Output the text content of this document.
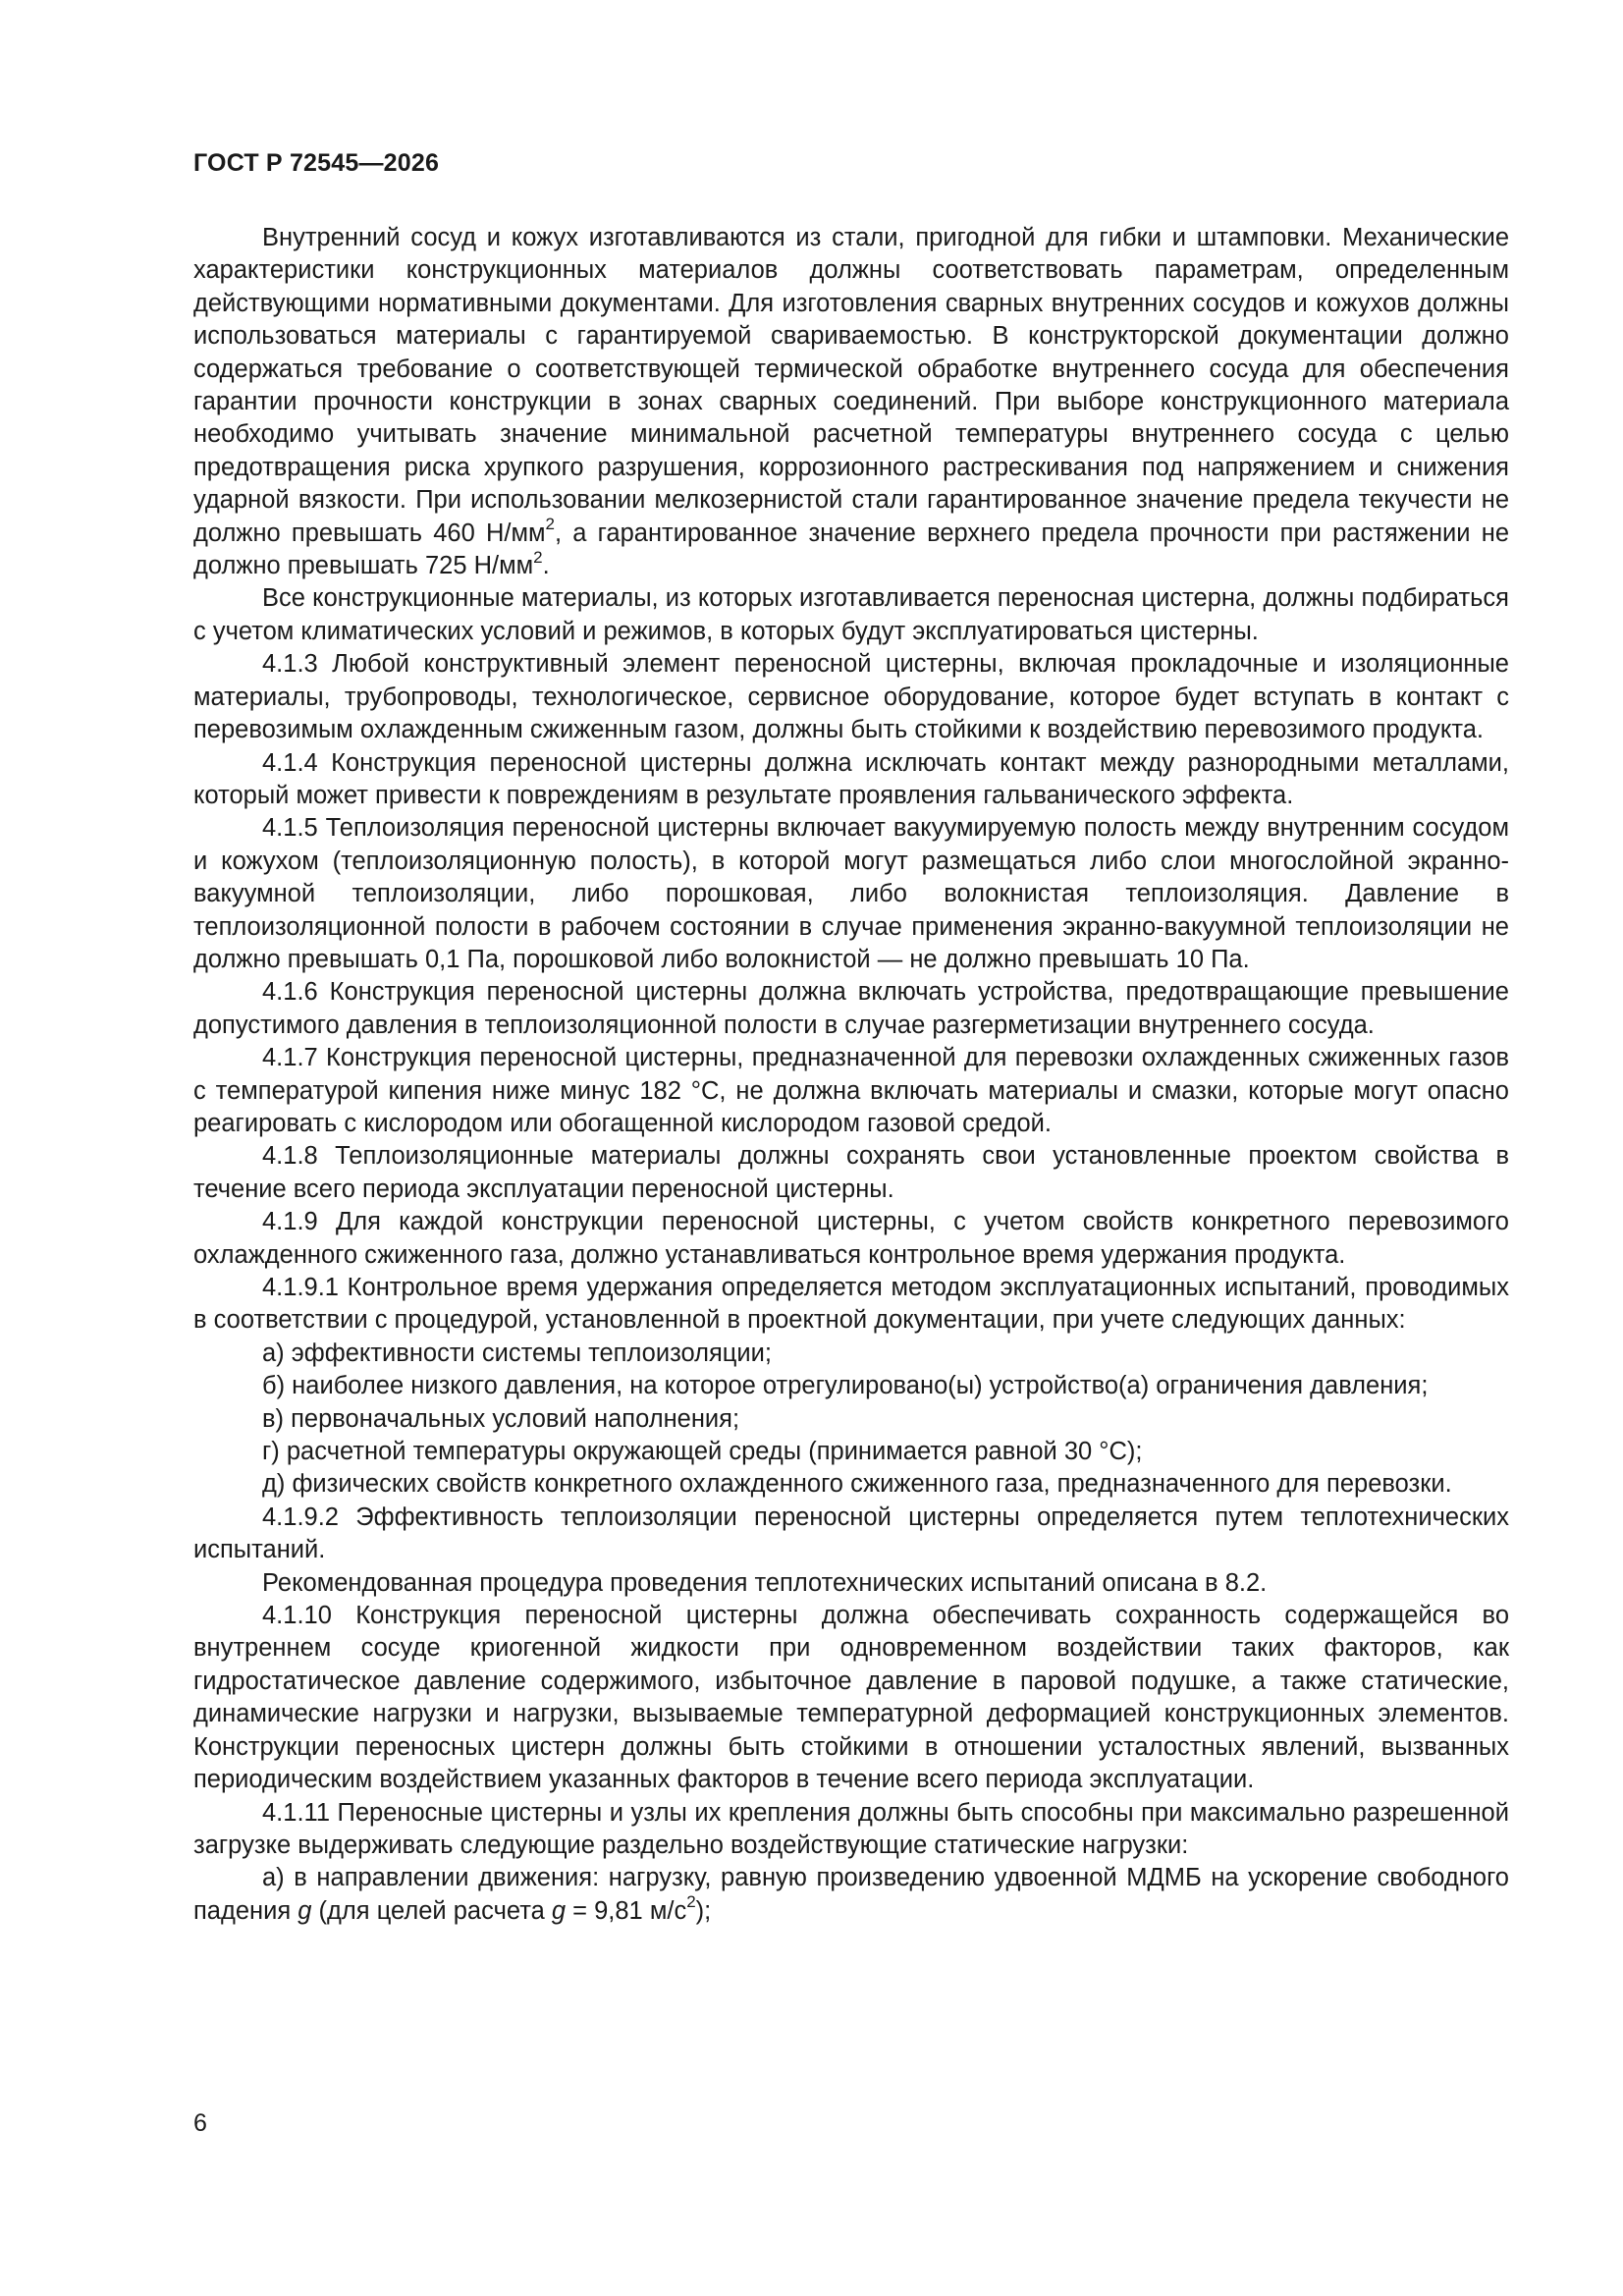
ГОСТ Р 72545—2026

Внутренний сосуд и кожух изготавливаются из стали, пригодной для гибки и штамповки. Механические характеристики конструкционных материалов должны соответствовать параметрам, определенным действующими нормативными документами. Для изготовления сварных внутренних сосудов и кожухов должны использоваться материалы с гарантируемой свариваемостью. В конструкторской документации должно содержаться требование о соответствующей термической обработке внутреннего сосуда для обеспечения гарантии прочности конструкции в зонах сварных соединений. При выборе конструкционного материала необходимо учитывать значение минимальной расчетной температуры внутреннего сосуда с целью предотвращения риска хрупкого разрушения, коррозионного растрескивания под напряжением и снижения ударной вязкости. При использовании мелкозернистой стали гарантированное значение предела текучести не должно превышать 460 $Н/мм^2$, а гарантированное значение верхнего предела прочности при растяжении не должно превышать 725 $Н/мм^2$.

Все конструкционные материалы, из которых изготавливается переносная цистерна, должны подбираться с учетом климатических условий и режимов, в которых будут эксплуатироваться цистерны.

4.1.3 Любой конструктивный элемент переносной цистерны, включая прокладочные и изоляционные материалы, трубопроводы, технологическое, сервисное оборудование, которое будет вступать в контакт с перевозимым охлажденным сжиженным газом, должны быть стойкими к воздействию перевозимого продукта.

4.1.4 Конструкция переносной цистерны должна исключать контакт между разнородными металлами, который может привести к повреждениям в результате проявления гальванического эффекта.

4.1.5 Теплоизоляция переносной цистерны включает вакуумируемую полость между внутренним сосудом и кожухом (теплоизоляционную полость), в которой могут размещаться либо слои многослойной экранно-вакуумной теплоизоляции, либо порошковая, либо волокнистая теплоизоляция. Давление в теплоизоляционной полости в рабочем состоянии в случае применения экранно-вакуумной теплоизоляции не должно превышать 0,1 Па, порошковой либо волокнистой — не должно превышать 10 Па.

4.1.6 Конструкция переносной цистерны должна включать устройства, предотвращающие превышение допустимого давления в теплоизоляционной полости в случае разгерметизации внутреннего сосуда.

4.1.7 Конструкция переносной цистерны, предназначенной для перевозки охлажденных сжиженных газов с температурой кипения ниже минус 182 °С, не должна включать материалы и смазки, которые могут опасно реагировать с кислородом или обогащенной кислородом газовой средой.

4.1.8 Теплоизоляционные материалы должны сохранять свои установленные проектом свойства в течение всего периода эксплуатации переносной цистерны.

4.1.9 Для каждой конструкции переносной цистерны, с учетом свойств конкретного перевозимого охлажденного сжиженного газа, должно устанавливаться контрольное время удержания продукта.

4.1.9.1 Контрольное время удержания определяется методом эксплуатационных испытаний, проводимых в соответствии с процедурой, установленной в проектной документации, при учете следующих данных:

а) эффективности системы теплоизоляции;

б) наиболее низкого давления, на которое отрегулировано(ы) устройство(а) ограничения давления;

в) первоначальных условий наполнения;

г) расчетной температуры окружающей среды (принимается равной 30 °С);

д) физических свойств конкретного охлажденного сжиженного газа, предназначенного для перевозки.

4.1.9.2 Эффективность теплоизоляции переносной цистерны определяется путем теплотехнических испытаний.

Рекомендованная процедура проведения теплотехнических испытаний описана в 8.2.

4.1.10 Конструкция переносной цистерны должна обеспечивать сохранность содержащейся во внутреннем сосуде криогенной жидкости при одновременном воздействии таких факторов, как гидростатическое давление содержимого, избыточное давление в паровой подушке, а также статические, динамические нагрузки и нагрузки, вызываемые температурной деформацией конструкционных элементов. Конструкции переносных цистерн должны быть стойкими в отношении усталостных явлений, вызванных периодическим воздействием указанных факторов в течение всего периода эксплуатации.

4.1.11 Переносные цистерны и узлы их крепления должны быть способны при максимально разрешенной загрузке выдерживать следующие раздельно воздействующие статические нагрузки:

а) в направлении движения: нагрузку, равную произведению удвоенной МДМБ на ускорение свободного падения g (для целей расчета g = 9,81 $м/с^2$);

6
